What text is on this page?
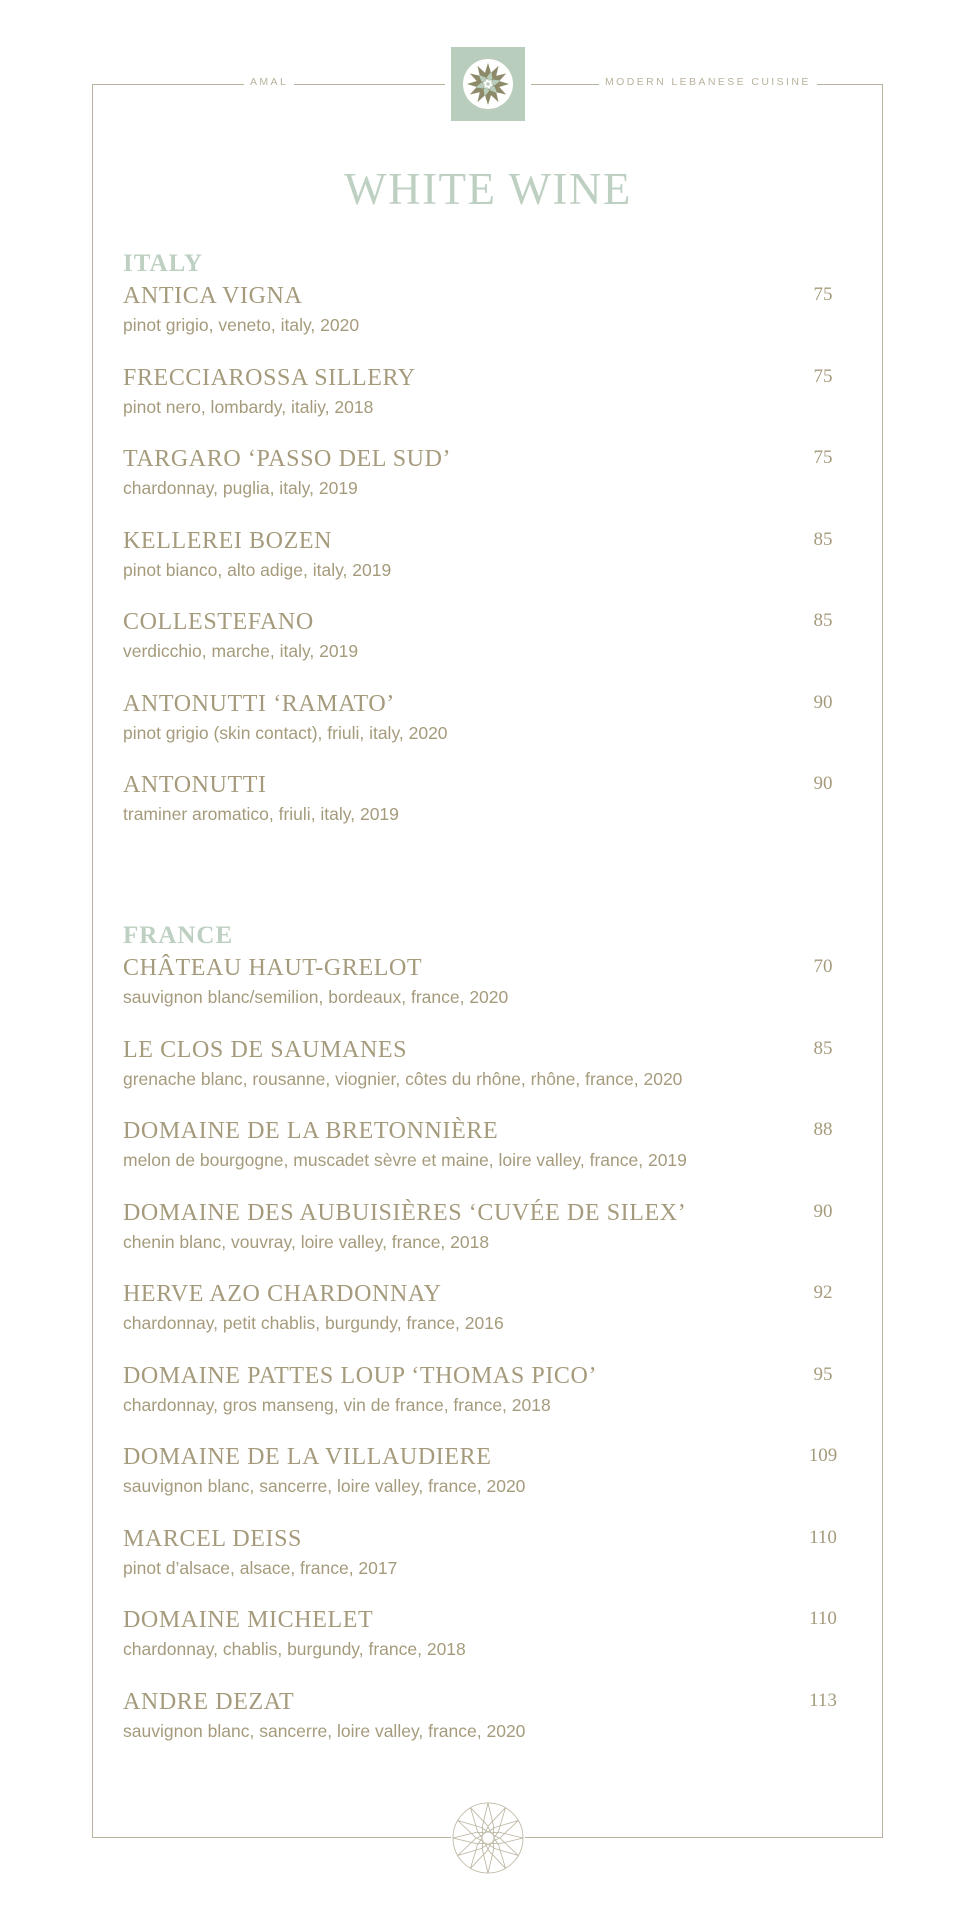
AMAL	MODERN LEBANESE CUISINE
WHITE WINE
ITALY
ANTICA VIGNA
pinot grigio, veneto, italy, 2020
75
FRECCIAROSSA SILLERY
pinot nero, lombardy, italiy, 2018
75
TARGARO ‘PASSO DEL SUD’
chardonnay, puglia, italy, 2019
75
KELLEREI BOZEN
pinot bianco, alto adige, italy, 2019
85
COLLESTEFANO
verdicchio, marche, italy, 2019
85
ANTONUTTI ‘RAMATO’
pinot grigio (skin contact), friuli, italy, 2020
90
ANTONUTTI
traminer aromatico, friuli, italy, 2019
90
FRANCE
CHÂTEAU HAUT-GRELOT
sauvignon blanc/semilion, bordeaux, france, 2020
70
LE CLOS DE SAUMANES
grenache blanc, rousanne, viognier, côtes du rhône, rhône, france, 2020
85
DOMAINE DE LA BRETONNIÈRE
melon de bourgogne, muscadet sèvre et maine, loire valley, france, 2019
88
DOMAINE DES AUBUISIÈRES ‘CUVÉE DE SILEX’
chenin blanc, vouvray, loire valley, france, 2018
90
HERVE AZO CHARDONNAY
chardonnay, petit chablis, burgundy, france, 2016
92
DOMAINE PATTES LOUP ‘THOMAS PICO’
chardonnay, gros manseng, vin de france, france, 2018
95
DOMAINE DE LA VILLAUDIERE
sauvignon blanc, sancerre, loire valley, france, 2020
109
MARCEL DEISS
pinot d’alsace, alsace, france, 2017
110
DOMAINE MICHELET
chardonnay, chablis, burgundy, france, 2018
110
ANDRE DEZAT
sauvignon blanc, sancerre, loire valley, france, 2020
113
